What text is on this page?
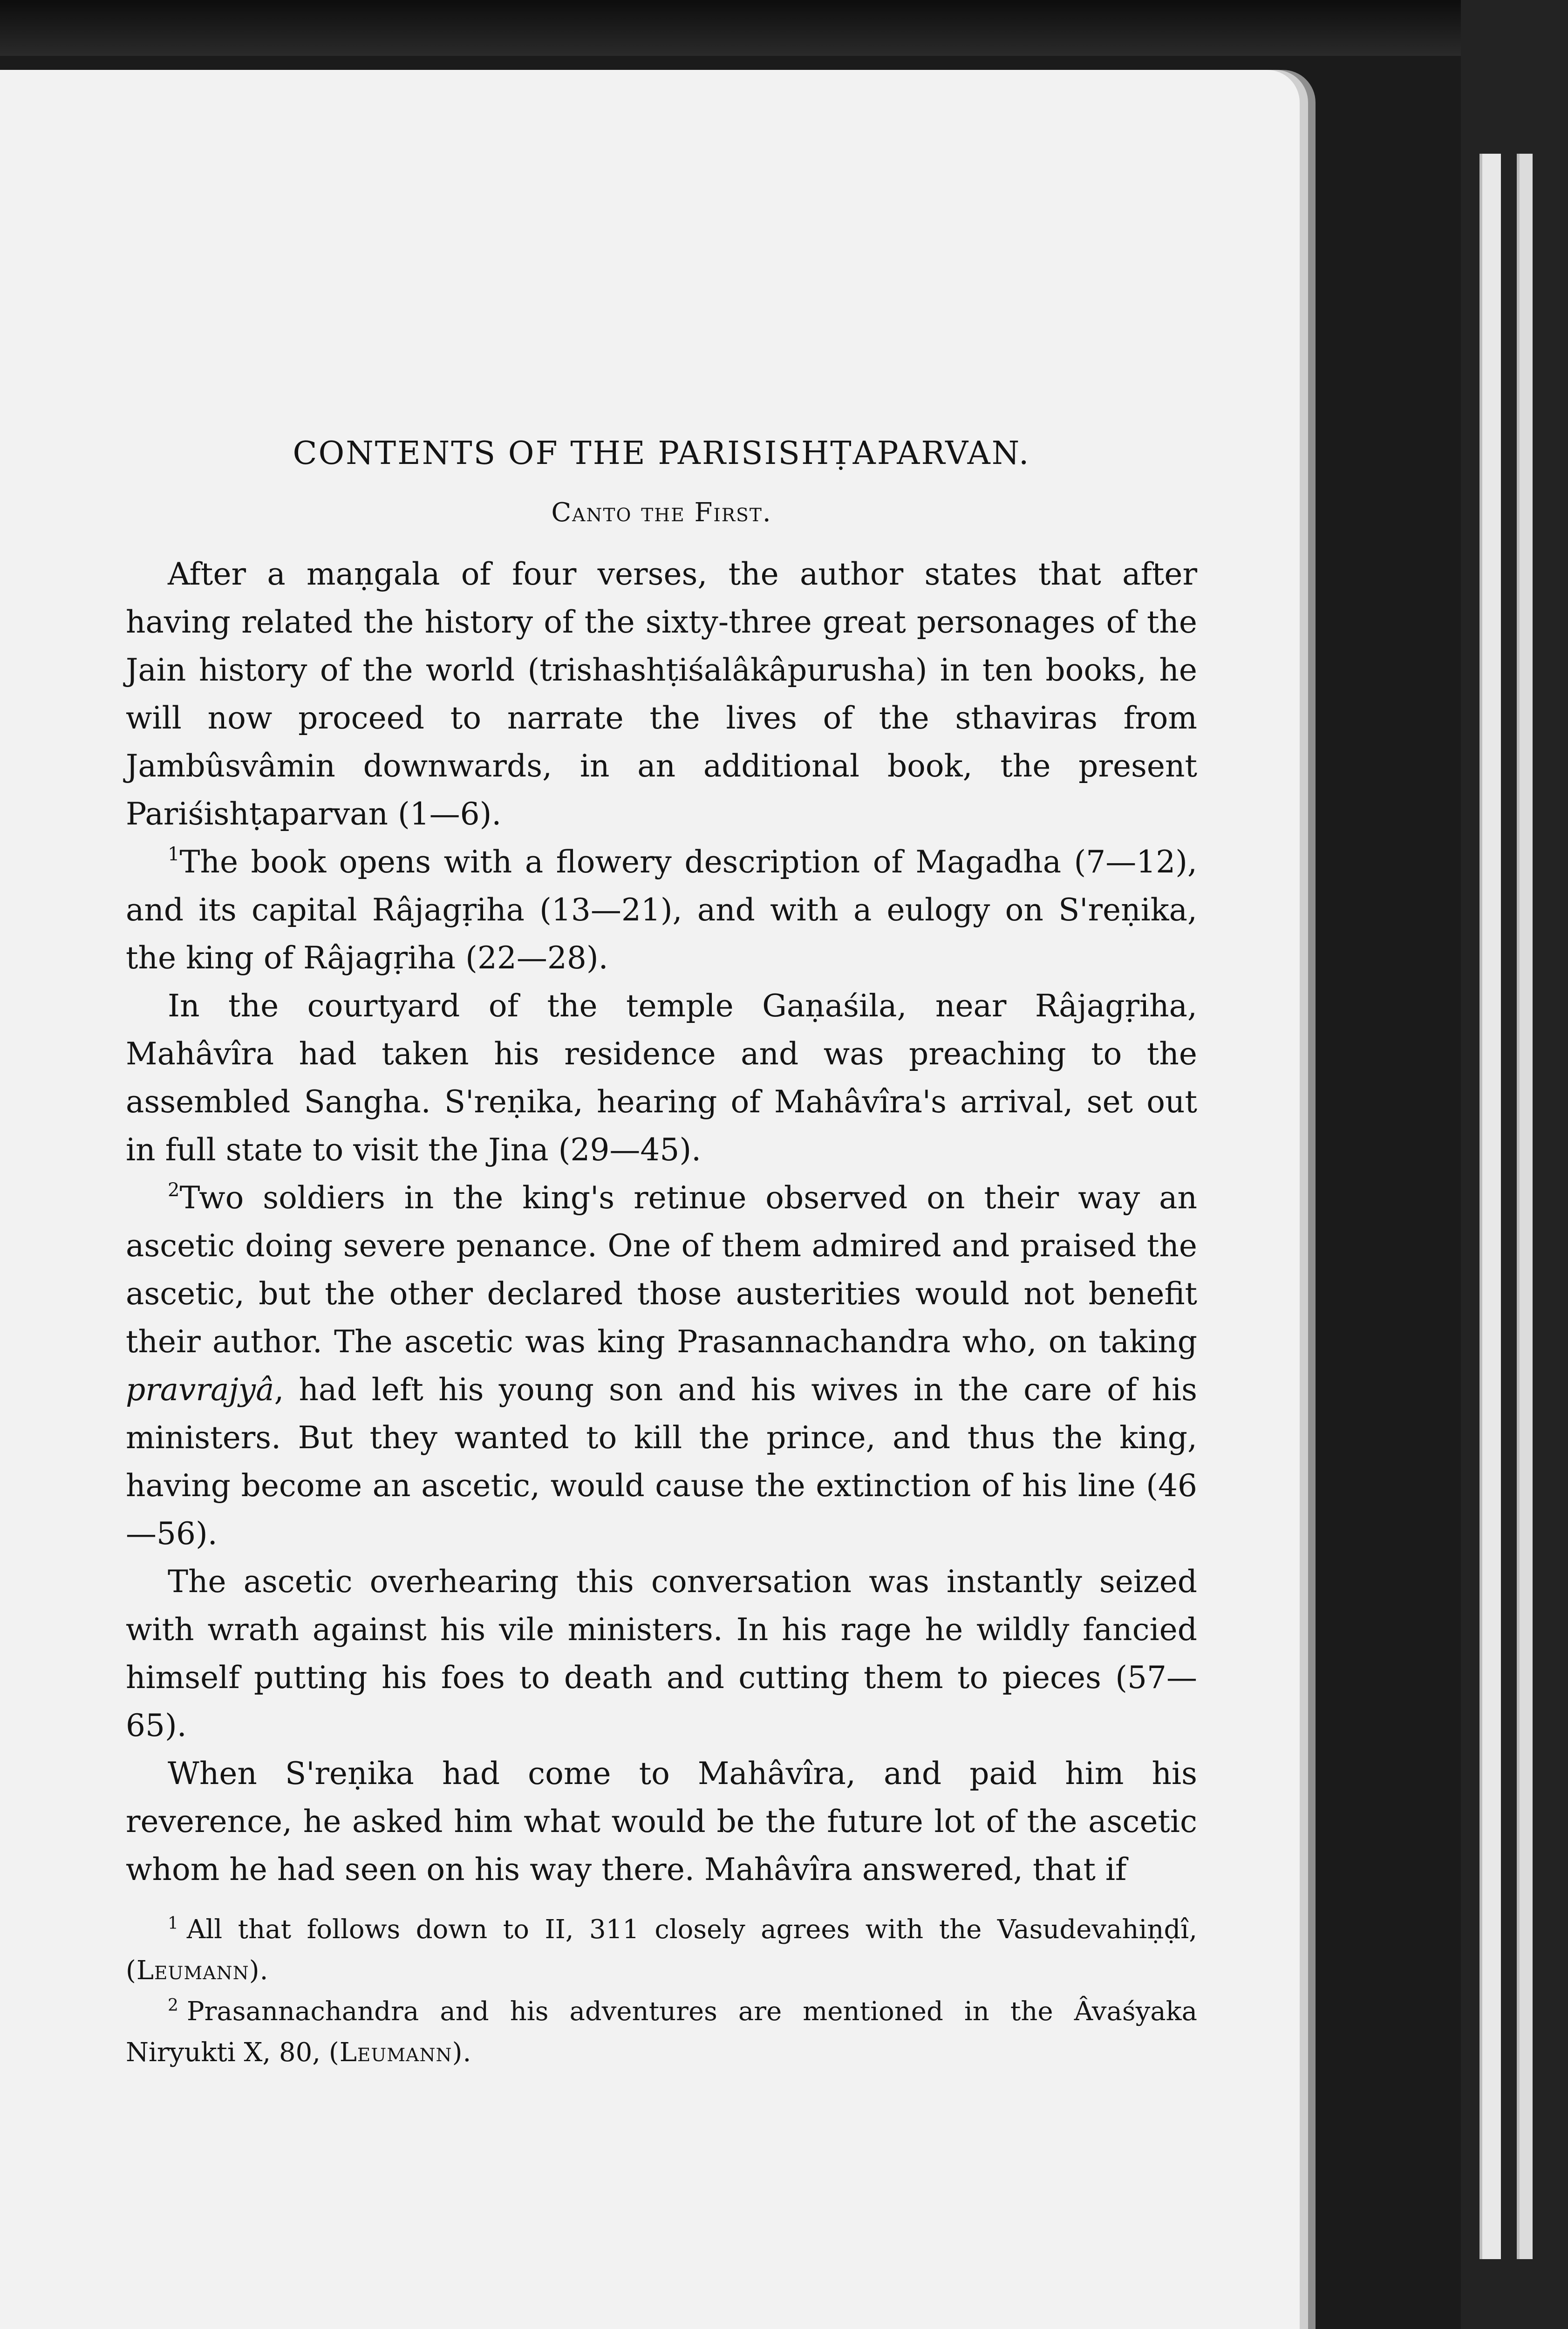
CONTENTS OF THE PARISISHṬAPARVAN.
Canto the First.

After a maṇgala of four verses, the author states that after having related the history of the sixty-three great personages of the Jain history of the world (trishashṭiśalâkâpurusha) in ten books, he will now proceed to narrate the lives of the sthaviras from Jambûsvâmin downwards, in an additional book, the present Pariśishṭaparvan (1—6).

$^1$The book opens with a flowery description of Magadha (7—12), and its capital Râjagṛiha (13—21), and with a eulogy on S'reṇika, the king of Râjagṛiha (22—28).

In the courtyard of the temple Gaṇaśila, near Râjagṛiha, Mahâvîra had taken his residence and was preaching to the assembled Sangha. S'reṇika, hearing of Mahâvîra's arrival, set out in full state to visit the Jina (29—45).

$^2$Two soldiers in the king's retinue observed on their way an ascetic doing severe penance. One of them admired and praised the ascetic, but the other declared those austerities would not benefit their author. The ascetic was king Prasannachandra who, on taking pravrajyâ, had left his young son and his wives in the care of his ministers. But they wanted to kill the prince, and thus the king, having become an ascetic, would cause the extinction of his line (46—56).

The ascetic overhearing this conversation was instantly seized with wrath against his vile ministers. In his rage he wildly fancied himself putting his foes to death and cutting them to pieces (57—65).

When S'reṇika had come to Mahâvîra, and paid him his reverence, he asked him what would be the future lot of the ascetic whom he had seen on his way there. Mahâvîra answered, that if

$^1$ All that follows down to II, 311 closely agrees with the Vasudevahiṇḍî, (Leumann).

$^2$ Prasannachandra and his adventures are mentioned in the Âvaśyaka Niryukti X, 80, (Leumann).
